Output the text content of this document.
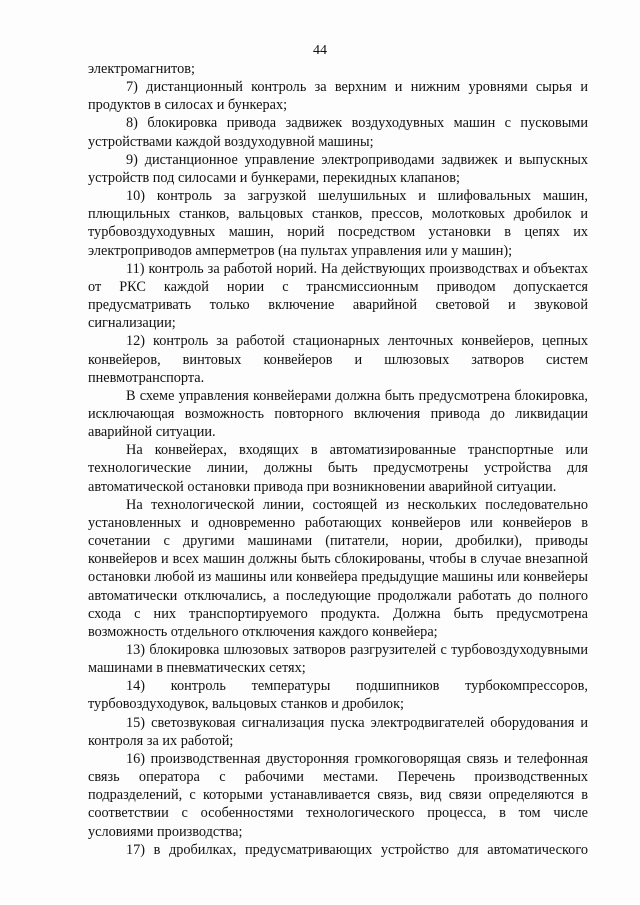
44

электромагнитов;

7) дистанционный контроль за верхним и нижним уровнями сырья и продуктов в силосах и бункерах;

8) блокировка привода задвижек воздуходувных машин с пусковыми устройствами каждой воздуходувной машины;

9) дистанционное управление электроприводами задвижек и выпускных устройств под силосами и бункерами, перекидных клапанов;

10) контроль за загрузкой шелушильных и шлифовальных машин, плющильных станков, вальцовых станков, прессов, молотковых дробилок и турбовоздуходувных машин, норий посредством установки в цепях их электроприводов амперметров (на пультах управления или у машин);

11) контроль за работой норий. На действующих производствах и объектах от РКС каждой нории с трансмиссионным приводом допускается предусматривать только включение аварийной световой и звуковой сигнализации;

12) контроль за работой стационарных ленточных конвейеров, цепных конвейеров, винтовых конвейеров и шлюзовых затворов систем пневмотранспорта.

В схеме управления конвейерами должна быть предусмотрена блокировка, исключающая возможность повторного включения привода до ликвидации аварийной ситуации.

На конвейерах, входящих в автоматизированные транспортные или технологические линии, должны быть предусмотрены устройства для автоматической остановки привода при возникновении аварийной ситуации.

На технологической линии, состоящей из нескольких последовательно установленных и одновременно работающих конвейеров или конвейеров в сочетании с другими машинами (питатели, нории, дробилки), приводы конвейеров и всех машин должны быть сблокированы, чтобы в случае внезапной остановки любой из машины или конвейера предыдущие машины или конвейеры автоматически отключались, а последующие продолжали работать до полного схода с них транспортируемого продукта. Должна быть предусмотрена возможность отдельного отключения каждого конвейера;

13) блокировка шлюзовых затворов разгрузителей с турбовоздуходувными машинами в пневматических сетях;

14) контроль температуры подшипников турбокомпрессоров, турбовоздуходувок, вальцовых станков и дробилок;

15) светозвуковая сигнализация пуска электродвигателей оборудования и контроля за их работой;

16) производственная двусторонняя громкоговорящая связь и телефонная связь оператора с рабочими местами. Перечень производственных подразделений, с которыми устанавливается связь, вид связи определяются в соответствии с особенностями технологического процесса, в том числе условиями производства;

17) в дробилках, предусматривающих устройство для автоматического
